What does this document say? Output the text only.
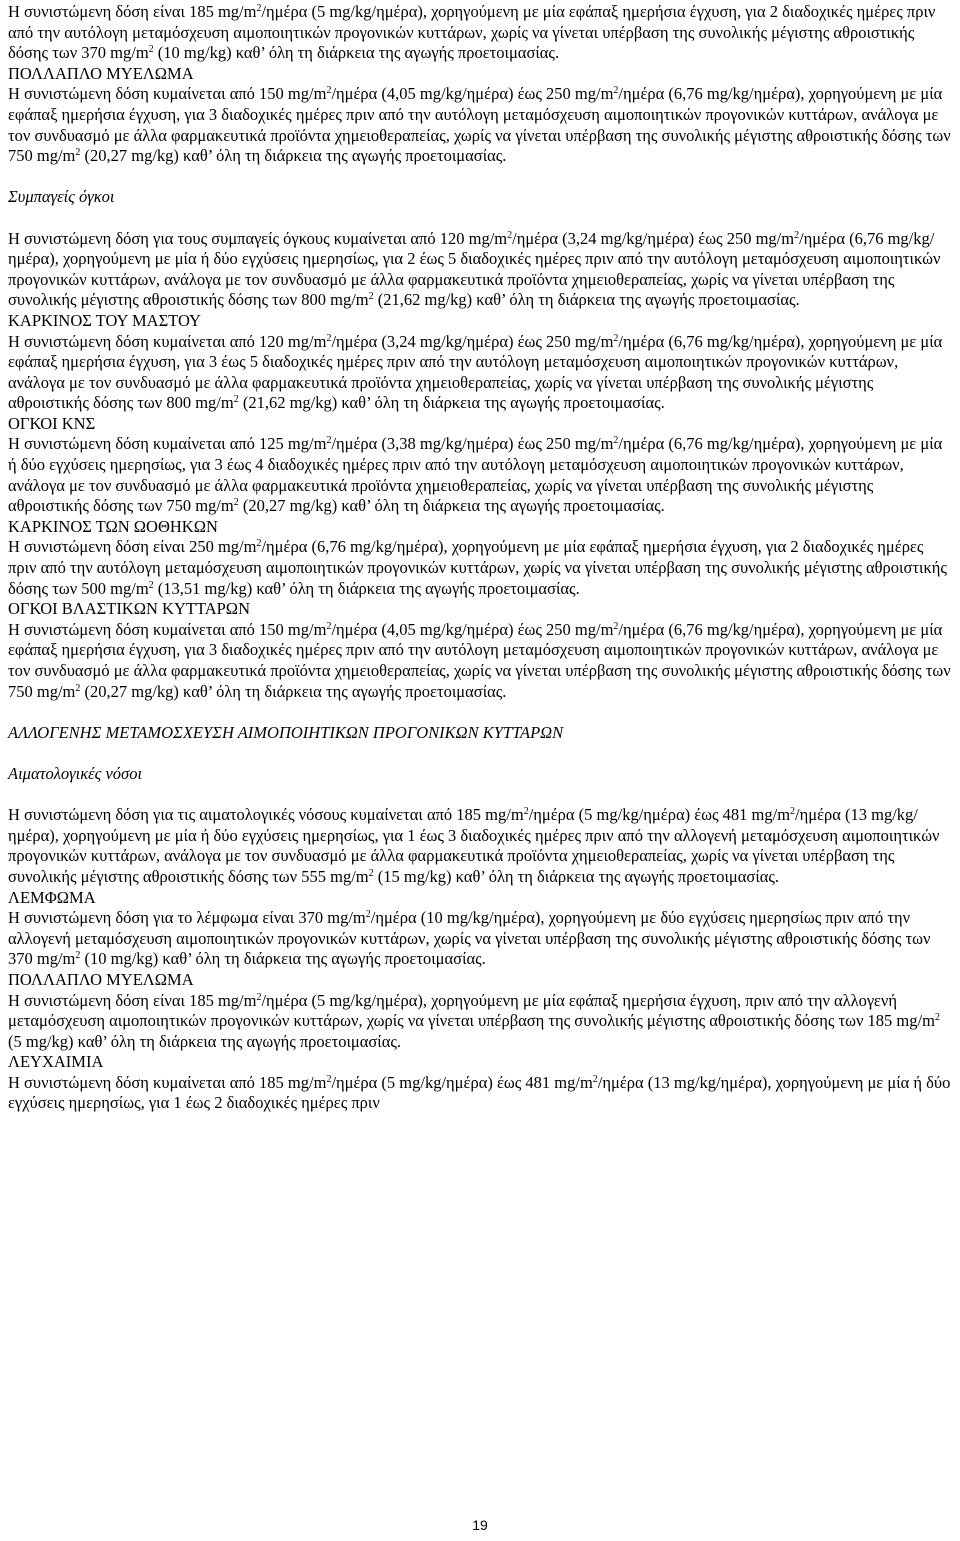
Η συνιστώμενη δόση είναι 185 $mg/m^2$/ημέρα (5 mg/kg/ημέρα), χορηγούμενη με μία εφάπαξ ημερήσια έγχυση, για 2 διαδοχικές ημέρες πριν από την αυτόλογη μεταμόσχευση αιμοποιητικών προγονικών κυττάρων, χωρίς να γίνεται υπέρβαση της συνολικής μέγιστης αθροιστικής δόσης των 370 $mg/m^2$ (10 mg/kg) καθ’ όλη τη διάρκεια της αγωγής προετοιμασίας.

ΠΟΛΛΑΠΛΟ ΜΥΕΛΩΜΑ

Η συνιστώμενη δόση κυμαίνεται από 150 $mg/m^2$/ημέρα (4,05 mg/kg/ημέρα) έως 250 $mg/m^2$/ημέρα (6,76 mg/kg/ημέρα), χορηγούμενη με μία εφάπαξ ημερήσια έγχυση, για 3 διαδοχικές ημέρες πριν από την αυτόλογη μεταμόσχευση αιμοποιητικών προγονικών κυττάρων, ανάλογα με τον συνδυασμό με άλλα φαρμακευτικά προϊόντα χημειοθεραπείας, χωρίς να γίνεται υπέρβαση της συνολικής μέγιστης αθροιστικής δόσης των 750 $mg/m^2$ (20,27 mg/kg) καθ’ όλη τη διάρκεια της αγωγής προετοιμασίας.

Συμπαγείς όγκοι

Η συνιστώμενη δόση για τους συμπαγείς όγκους κυμαίνεται από 120 $mg/m^2$/ημέρα (3,24 mg/kg/ημέρα) έως 250 $mg/m^2$/ημέρα (6,76 mg/kg/ημέρα), χορηγούμενη με μία ή δύο εγχύσεις ημερησίως, για 2 έως 5 διαδοχικές ημέρες πριν από την αυτόλογη μεταμόσχευση αιμοποιητικών προγονικών κυττάρων, ανάλογα με τον συνδυασμό με άλλα φαρμακευτικά προϊόντα χημειοθεραπείας, χωρίς να γίνεται υπέρβαση της συνολικής μέγιστης αθροιστικής δόσης των 800 $mg/m^2$ (21,62 mg/kg) καθ’ όλη τη διάρκεια της αγωγής προετοιμασίας.

ΚΑΡΚΙΝΟΣ ΤΟΥ ΜΑΣΤΟΥ

Η συνιστώμενη δόση κυμαίνεται από 120 $mg/m^2$/ημέρα (3,24 mg/kg/ημέρα) έως 250 $mg/m^2$/ημέρα (6,76 mg/kg/ημέρα), χορηγούμενη με μία εφάπαξ ημερήσια έγχυση, για 3 έως 5 διαδοχικές ημέρες πριν από την αυτόλογη μεταμόσχευση αιμοποιητικών προγονικών κυττάρων, ανάλογα με τον συνδυασμό με άλλα φαρμακευτικά προϊόντα χημειοθεραπείας, χωρίς να γίνεται υπέρβαση της συνολικής μέγιστης αθροιστικής δόσης των 800 $mg/m^2$ (21,62 mg/kg) καθ’ όλη τη διάρκεια της αγωγής προετοιμασίας.

ΟΓΚΟΙ ΚΝΣ

Η συνιστώμενη δόση κυμαίνεται από 125 $mg/m^2$/ημέρα (3,38 mg/kg/ημέρα) έως 250 $mg/m^2$/ημέρα (6,76 mg/kg/ημέρα), χορηγούμενη με μία ή δύο εγχύσεις ημερησίως, για 3 έως 4 διαδοχικές ημέρες πριν από την αυτόλογη μεταμόσχευση αιμοποιητικών προγονικών κυττάρων, ανάλογα με τον συνδυασμό με άλλα φαρμακευτικά προϊόντα χημειοθεραπείας, χωρίς να γίνεται υπέρβαση της συνολικής μέγιστης αθροιστικής δόσης των 750 $mg/m^2$ (20,27 mg/kg) καθ’ όλη τη διάρκεια της αγωγής προετοιμασίας.

ΚΑΡΚΙΝΟΣ ΤΩΝ ΩΟΘΗΚΩΝ

Η συνιστώμενη δόση είναι 250 $mg/m^2$/ημέρα (6,76 mg/kg/ημέρα), χορηγούμενη με μία εφάπαξ ημερήσια έγχυση, για 2 διαδοχικές ημέρες πριν από την αυτόλογη μεταμόσχευση αιμοποιητικών προγονικών κυττάρων, χωρίς να γίνεται υπέρβαση της συνολικής μέγιστης αθροιστικής δόσης των 500 $mg/m^2$ (13,51 mg/kg) καθ’ όλη τη διάρκεια της αγωγής προετοιμασίας.

ΟΓΚΟΙ ΒΛΑΣΤΙΚΩΝ ΚΥΤΤΑΡΩΝ

Η συνιστώμενη δόση κυμαίνεται από 150 $mg/m^2$/ημέρα (4,05 mg/kg/ημέρα) έως 250 $mg/m^2$/ημέρα (6,76 mg/kg/ημέρα), χορηγούμενη με μία εφάπαξ ημερήσια έγχυση, για 3 διαδοχικές ημέρες πριν από την αυτόλογη μεταμόσχευση αιμοποιητικών προγονικών κυττάρων, ανάλογα με τον συνδυασμό με άλλα φαρμακευτικά προϊόντα χημειοθεραπείας, χωρίς να γίνεται υπέρβαση της συνολικής μέγιστης αθροιστικής δόσης των 750 $mg/m^2$ (20,27 mg/kg) καθ’ όλη τη διάρκεια της αγωγής προετοιμασίας.

ΑΛΛΟΓΕΝΗΣ ΜΕΤΑΜΟΣΧΕΥΣΗ ΑΙΜΟΠΟΙΗΤΙΚΩΝ ΠΡΟΓΟΝΙΚΩΝ ΚΥΤΤΑΡΩΝ

Αιματολογικές νόσοι

Η συνιστώμενη δόση για τις αιματολογικές νόσους κυμαίνεται από 185 $mg/m^2$/ημέρα (5 mg/kg/ημέρα) έως 481 $mg/m^2$/ημέρα (13 mg/kg/ημέρα), χορηγούμενη με μία ή δύο εγχύσεις ημερησίως, για 1 έως 3 διαδοχικές ημέρες πριν από την αλλογενή μεταμόσχευση αιμοποιητικών προγονικών κυττάρων, ανάλογα με τον συνδυασμό με άλλα φαρμακευτικά προϊόντα χημειοθεραπείας, χωρίς να γίνεται υπέρβαση της συνολικής μέγιστης αθροιστικής δόσης των 555 $mg/m^2$ (15 mg/kg) καθ’ όλη τη διάρκεια της αγωγής προετοιμασίας.

ΛΕΜΦΩΜΑ

Η συνιστώμενη δόση για το λέμφωμα είναι 370 $mg/m^2$/ημέρα (10 mg/kg/ημέρα), χορηγούμενη με δύο εγχύσεις ημερησίως πριν από την αλλογενή μεταμόσχευση αιμοποιητικών προγονικών κυττάρων, χωρίς να γίνεται υπέρβαση της συνολικής μέγιστης αθροιστικής δόσης των 370 $mg/m^2$ (10 mg/kg) καθ’ όλη τη διάρκεια της αγωγής προετοιμασίας.

ΠΟΛΛΑΠΛΟ ΜΥΕΛΩΜΑ

Η συνιστώμενη δόση είναι 185 $mg/m^2$/ημέρα (5 mg/kg/ημέρα), χορηγούμενη με μία εφάπαξ ημερήσια έγχυση, πριν από την αλλογενή μεταμόσχευση αιμοποιητικών προγονικών κυττάρων, χωρίς να γίνεται υπέρβαση της συνολικής μέγιστης αθροιστικής δόσης των 185 $mg/m^2$ (5 mg/kg) καθ’ όλη τη διάρκεια της αγωγής προετοιμασίας.

ΛΕΥΧΑΙΜΙΑ

Η συνιστώμενη δόση κυμαίνεται από 185 $mg/m^2$/ημέρα (5 mg/kg/ημέρα) έως 481 $mg/m^2$/ημέρα (13 mg/kg/ημέρα), χορηγούμενη με μία ή δύο εγχύσεις ημερησίως, για 1 έως 2 διαδοχικές ημέρες πριν

19
